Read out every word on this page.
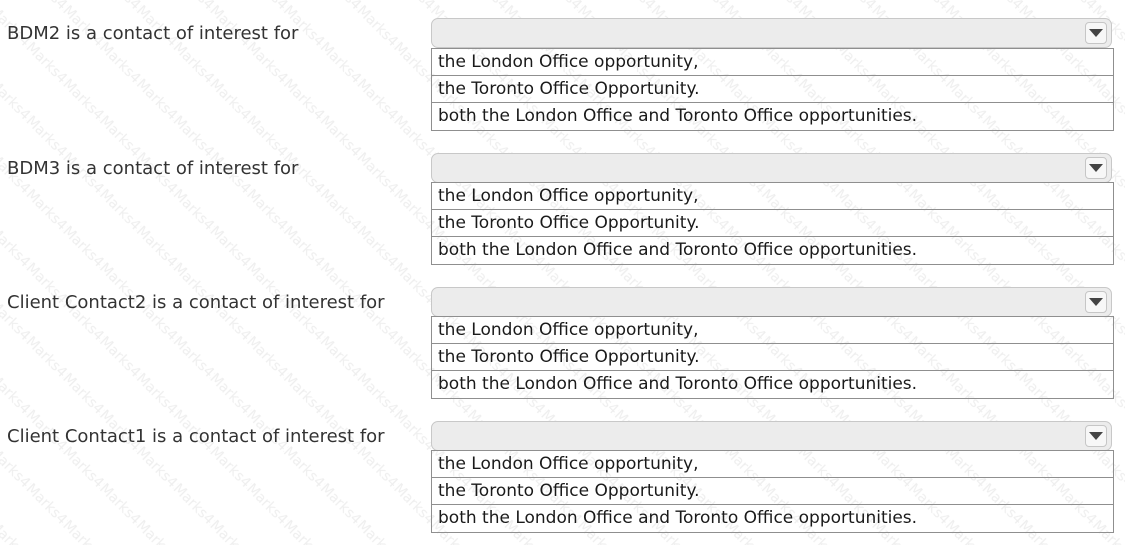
BDM2 is a contact of interest for
the London Office opportunity,
the Toronto Office Opportunity.
both the London Office and Toronto Office opportunities.
BDM3 is a contact of interest for
the London Office opportunity,
the Toronto Office Opportunity.
both the London Office and Toronto Office opportunities.
Client Contact2 is a contact of interest for
the London Office opportunity,
the Toronto Office Opportunity.
both the London Office and Toronto Office opportunities.
Client Contact1 is a contact of interest for
the London Office opportunity,
the Toronto Office Opportunity.
both the London Office and Toronto Office opportunities.
